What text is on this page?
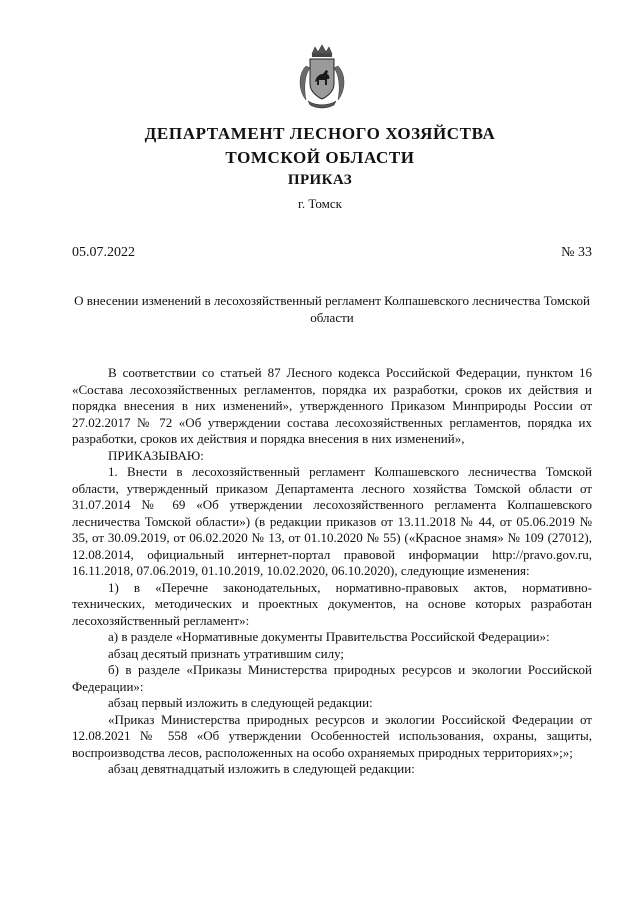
ДЕПАРТАМЕНТ ЛЕСНОГО ХОЗЯЙСТВА
ТОМСКОЙ ОБЛАСТИ
ПРИКАЗ
г. Томск
05.07.2022	№ 33
О внесении изменений в лесохозяйственный регламент Колпашевского лесничества Томской области

В соответствии со статьей 87 Лесного кодекса Российской Федерации, пунктом 16 «Состава лесохозяйственных регламентов, порядка их разработки, сроков их действия и порядка внесения в них изменений», утвержденного Приказом Минприроды России от 27.02.2017 № 72 «Об утверждении состава лесохозяйственных регламентов, порядка их разработки, сроков их действия и порядка внесения в них изменений»,

ПРИКАЗЫВАЮ:

1. Внести в лесохозяйственный регламент Колпашевского лесничества Томской области, утвержденный приказом Департамента лесного хозяйства Томской области от 31.07.2014 № 69 «Об утверждении лесохозяйственного регламента Колпашевского лесничества Томской области») (в редакции приказов от 13.11.2018 № 44, от 05.06.2019 № 35, от 30.09.2019, от 06.02.2020 № 13, от 01.10.2020 № 55) («Красное знамя» № 109 (27012), 12.08.2014, официальный интернет-портал правовой информации http://pravo.gov.ru, 16.11.2018, 07.06.2019, 01.10.2019, 10.02.2020, 06.10.2020), следующие изменения:

1) в «Перечне законодательных, нормативно-правовых актов, нормативно-технических, методических и проектных документов, на основе которых разработан лесохозяйственный регламент»:

а) в разделе «Нормативные документы Правительства Российской Федерации»:

абзац десятый признать утратившим силу;

б) в разделе «Приказы Министерства природных ресурсов и экологии Российской Федерации»:

абзац первый изложить в следующей редакции:

«Приказ Министерства природных ресурсов и экологии Российской Федерации от 12.08.2021 № 558 «Об утверждении Особенностей использования, охраны, защиты, воспроизводства лесов, расположенных на особо охраняемых природных территориях»;»;

абзац девятнадцатый изложить в следующей редакции:
